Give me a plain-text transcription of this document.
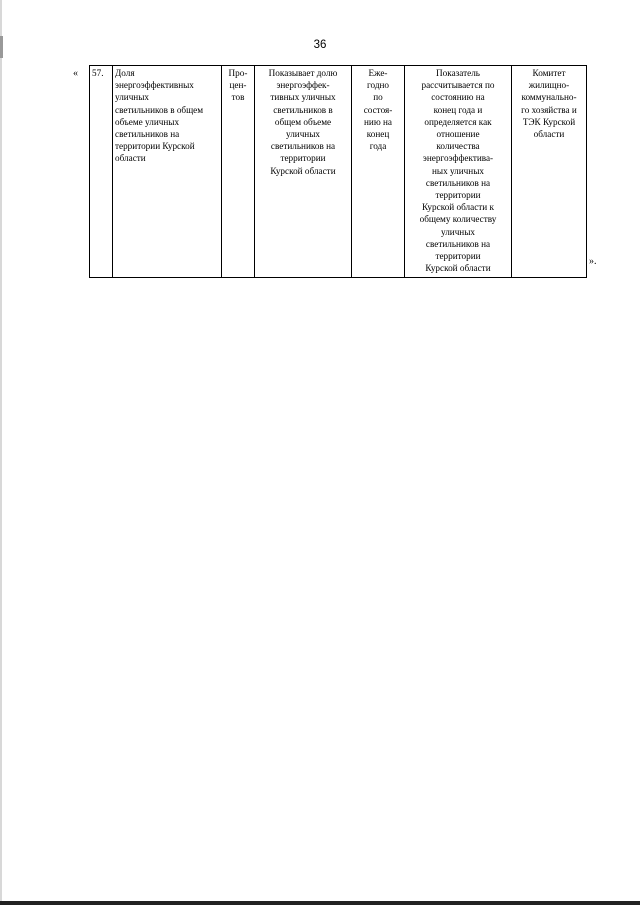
36
« 57.	Доля
энергоэффективных
уличных
светильников в общем
объеме уличных
светильников на
территории Курской
области	Про-
цен-
тов	Показывает долю
энергоэффек-
тивных уличных
светильников в
общем объеме
уличных
светильников на
территории
Курской области	Еже-
годно
по
состоя-
нию на
конец
года	Показатель
рассчитывается по
состоянию на
конец года и
определяется как
отношение
количества
энергоэффектива-
ных уличных
светильников на
территории
Курской области к
общему количеству
уличных
светильников на
территории
Курской области	Комитет
жилищно-
коммунально-
го хозяйства и
ТЭК Курской
области
».
